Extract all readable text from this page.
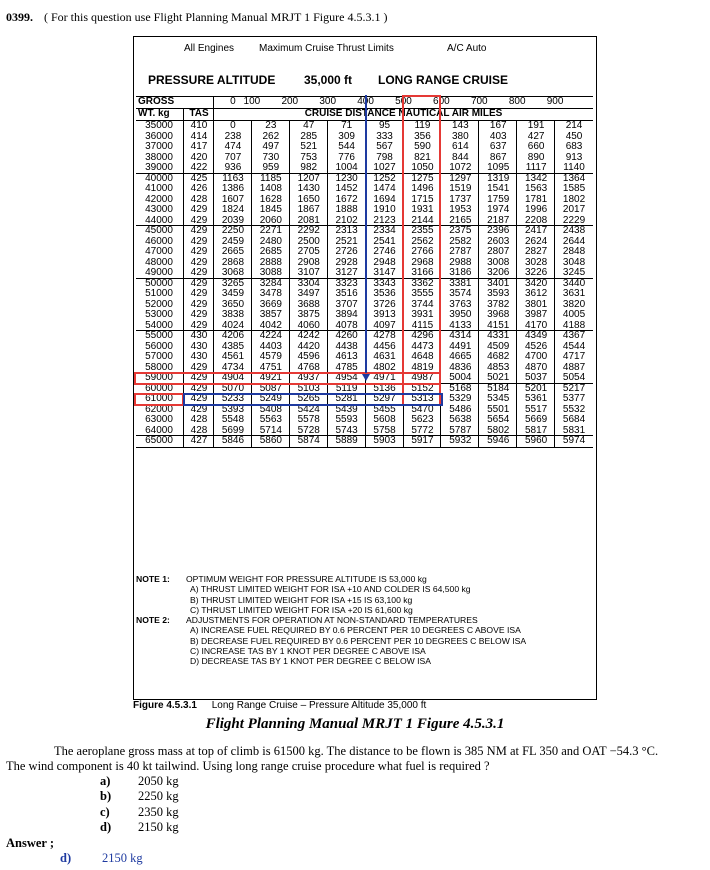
0399. ( For this question use Flight Planning Manual MRJT 1 Figure 4.5.3.1 )
All Engines Maximum Cruise Thrust Limits	A/C Auto
PRESSURE ALTITUDE 35,000 ft LONG RANGE CRUISE
GROSS	0 100	200	300	400	500	600	700	800	900
WT. kg	TAS	CRUISE DISTANCE NAUTICAL AIR MILES
35000	410	0	23	47	71	95	119	143	167	191	214
36000	414	238	262	285	309	333	356	380	403	427	450
37000	417	474	497	521	544	567	590	614	637	660	683
38000	420	707	730	753	776	798	821	844	867	890	913
39000	422	936	959	982	1004	1027	1050	1072	1095	1117	1140
40000	425	1163	1185	1207	1230	1252	1275	1297	1319	1342	1364
41000	426	1386	1408	1430	1452	1474	1496	1519	1541	1563	1585
42000	428	1607	1628	1650	1672	1694	1715	1737	1759	1781	1802
43000	429	1824	1845	1867	1888	1910	1931	1953	1974	1996	2017
44000	429	2039	2060	2081	2102	2123	2144	2165	2187	2208	2229
45000	429	2250	2271	2292	2313	2334	2355	2375	2396	2417	2438
46000	429	2459	2480	2500	2521	2541	2562	2582	2603	2624	2644
47000	429	2665	2685	2705	2726	2746	2766	2787	2807	2827	2848
48000	429	2868	2888	2908	2928	2948	2968	2988	3008	3028	3048
49000	429	3068	3088	3107	3127	3147	3166	3186	3206	3226	3245
50000	429	3265	3284	3304	3323	3343	3362	3381	3401	3420	3440
51000	429	3459	3478	3497	3516	3536	3555	3574	3593	3612	3631
52000	429	3650	3669	3688	3707	3726	3744	3763	3782	3801	3820
53000	429	3838	3857	3875	3894	3913	3931	3950	3968	3987	4005
54000	429	4024	4042	4060	4078	4097	4115	4133	4151	4170	4188
55000	430	4206	4224	4242	4260	4278	4296	4314	4331	4349	4367
56000	430	4385	4403	4420	4438	4456	4473	4491	4509	4526	4544
57000	430	4561	4579	4596	4613	4631	4648	4665	4682	4700	4717
58000	429	4734	4751	4768	4785	4802	4819	4836	4853	4870	4887
59000	429	4904	4921	4937	4954	4971	4987	5004	5021	5037	5054
60000	429	5070	5087	5103	5119	5136	5152	5168	5184	5201	5217
61000	429	5233	5249	5265	5281	5297	5313	5329	5345	5361	5377
62000	429	5393	5408	5424	5439	5455	5470	5486	5501	5517	5532
63000	428	5548	5563	5578	5593	5608	5623	5638	5654	5669	5684
64000	428	5699	5714	5728	5743	5758	5772	5787	5802	5817	5831
65000	427	5846	5860	5874	5889	5903	5917	5932	5946	5960	5974
NOTE 1: OPTIMUM WEIGHT FOR PRESSURE ALTITUDE IS 53,000 kg
A) THRUST LIMITED WEIGHT FOR ISA +10 AND COLDER IS 64,500 kg
B) THRUST LIMITED WEIGHT FOR ISA +15 IS 63,100 kg
C) THRUST LIMITED WEIGHT FOR ISA +20 IS 61,600 kg
NOTE 2: ADJUSTMENTS FOR OPERATION AT NON-STANDARD TEMPERATURES
A) INCREASE FUEL REQUIRED BY 0.6 PERCENT PER 10 DEGREES C ABOVE ISA
B) DECREASE FUEL REQUIRED BY 0.6 PERCENT PER 10 DEGREES C BELOW ISA
C) INCREASE TAS BY 1 KNOT PER DEGREE C ABOVE ISA
D) DECREASE TAS BY 1 KNOT PER DEGREE C BELOW ISA
Figure 4.5.3.1 Long Range Cruise – Pressure Altitude 35,000 ft
Flight Planning Manual MRJT 1 Figure 4.5.3.1
The aeroplane gross mass at top of climb is 61500 kg. The distance to be flown is 385 NM at FL 350 and OAT −54.3 °C.
The wind component is 40 kt tailwind. Using long range cruise procedure what fuel is required ?
a) 2050 kg
b) 2250 kg
c) 2350 kg
d) 2150 kg
Answer ;
d) 2150 kg
